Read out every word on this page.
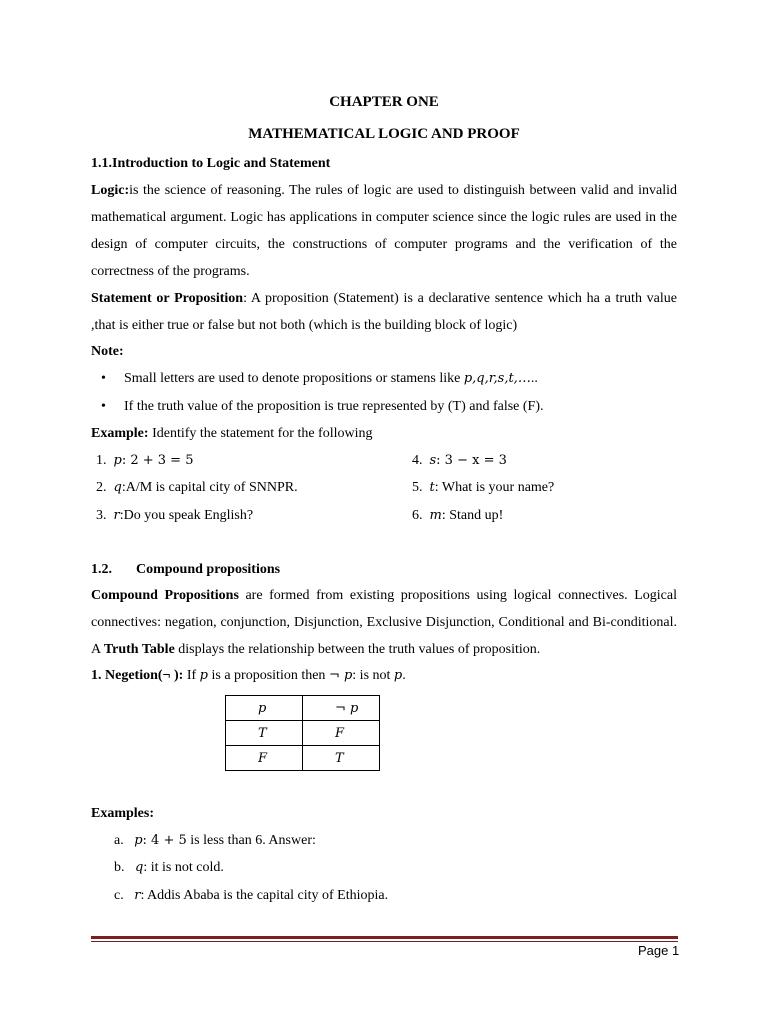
CHAPTER ONE
MATHEMATICAL LOGIC AND PROOF
1.1.Introduction to Logic and Statement
Logic:is the science of reasoning. The rules of logic are used to distinguish between valid and invalid mathematical argument. Logic has applications in computer science since the logic rules are used in the design of computer circuits, the constructions of computer programs and the verification of the correctness of the programs.
Statement or Proposition: A proposition (Statement) is a declarative sentence which ha a truth value ,that is either true or false but not both (which is the building block of logic)
Note:
• Small letters are used to denote propositions or stamens like p,q,r,s,t,…..
• If the truth value of the proposition is true represented by (T) and false (F).
Example: Identify the statement for the following
1. p: 2 + 3 = 5
2. q:A/M is capital city of SNNPR.
3. r:Do you speak English?
4. s: 3 − x = 3
5. t: What is your name?
6. m: Stand up!
1.2. Compound propositions
Compound Propositions are formed from existing propositions using logical connectives. Logical connectives: negation, conjunction, Disjunction, Exclusive Disjunction, Conditional and Bi-conditional. A Truth Table displays the relationship between the truth values of proposition.
1. Negetion(¬ ): If p is a proposition then ¬ p: is not p.
p	¬ p
T	F
F	T
Examples:
a. p: 4 + 5 is less than 6. Answer:
b. q: it is not cold.
c. r: Addis Ababa is the capital city of Ethiopia.
Page 1
